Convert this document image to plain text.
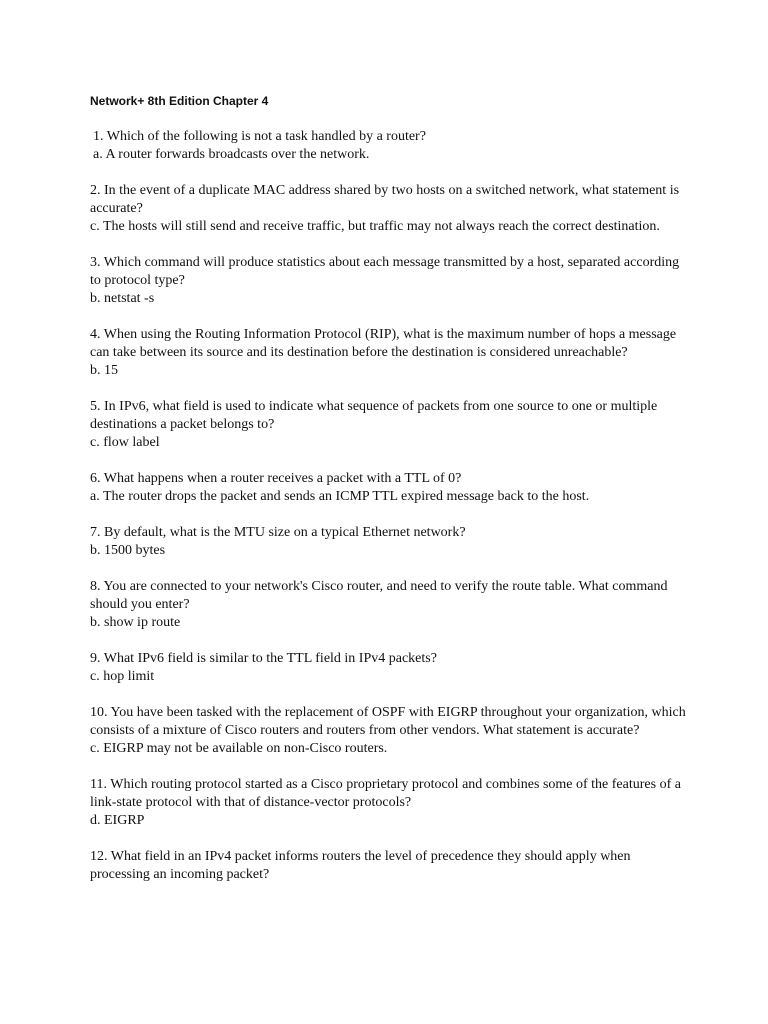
Network+ 8th Edition Chapter 4

1. Which of the following is not a task handled by a router?

a. A router forwards broadcasts over the network.

2. In the event of a duplicate MAC address shared by two hosts on a switched network, what statement is accurate?

c. The hosts will still send and receive traffic, but traffic may not always reach the correct destination.

3. Which command will produce statistics about each message transmitted by a host, separated according to protocol type?

b. netstat -s

4. When using the Routing Information Protocol (RIP), what is the maximum number of hops a message can take between its source and its destination before the destination is considered unreachable?

b. 15

5. In IPv6, what field is used to indicate what sequence of packets from one source to one or multiple destinations a packet belongs to?

c. flow label

6. What happens when a router receives a packet with a TTL of 0?

a. The router drops the packet and sends an ICMP TTL expired message back to the host.

7. By default, what is the MTU size on a typical Ethernet network?

b. 1500 bytes

8. You are connected to your network's Cisco router, and need to verify the route table. What command should you enter?

b. show ip route

9. What IPv6 field is similar to the TTL field in IPv4 packets?

c. hop limit

10. You have been tasked with the replacement of OSPF with EIGRP throughout your organization, which consists of a mixture of Cisco routers and routers from other vendors. What statement is accurate?

c. EIGRP may not be available on non-Cisco routers.

11. Which routing protocol started as a Cisco proprietary protocol and combines some of the features of a link-state protocol with that of distance-vector protocols?

d. EIGRP

12. What field in an IPv4 packet informs routers the level of precedence they should apply when processing an incoming packet?
